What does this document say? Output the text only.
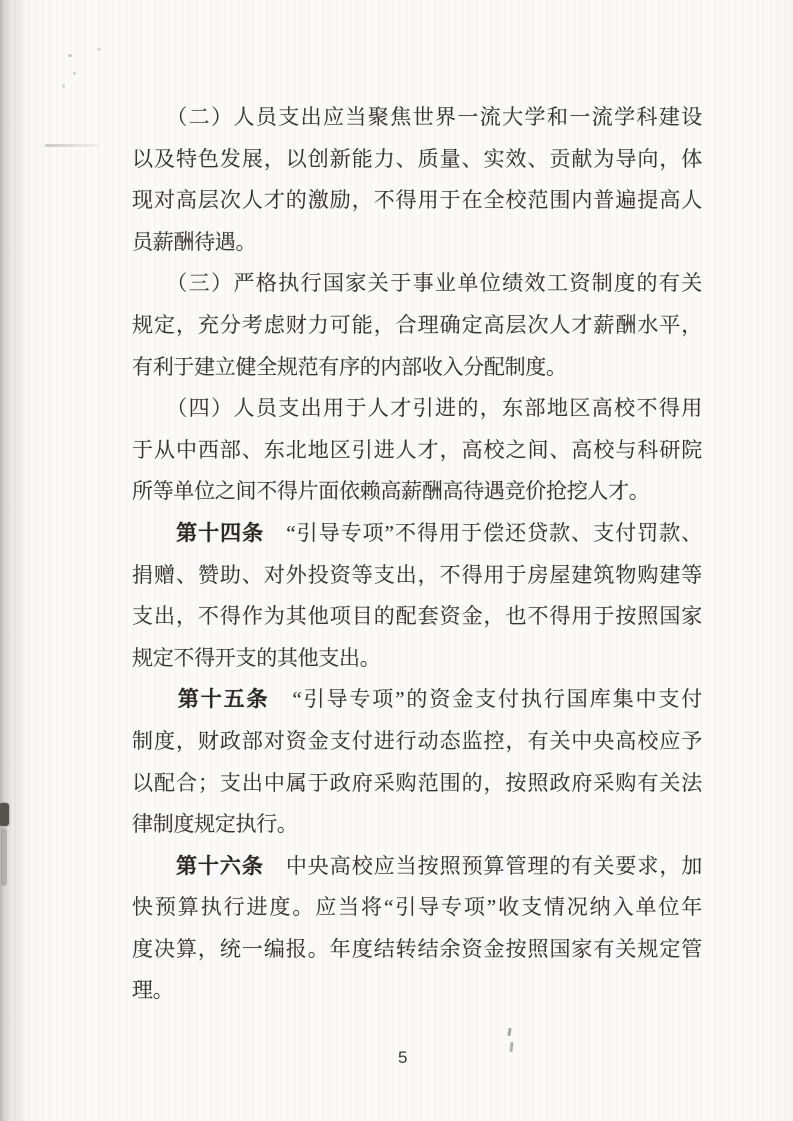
　　（二）人员支出应当聚焦世界一流大学和一流学科建设
以及特色发展，以创新能力、质量、实效、贡献为导向，体
现对高层次人才的激励，不得用于在全校范围内普遍提高人
员薪酬待遇。
　　（三）严格执行国家关于事业单位绩效工资制度的有关
规定，充分考虑财力可能，合理确定高层次人才薪酬水平，
有利于建立健全规范有序的内部收入分配制度。
　　（四）人员支出用于人才引进的，东部地区高校不得用
于从中西部、东北地区引进人才，高校之间、高校与科研院
所等单位之间不得片面依赖高薪酬高待遇竞价抢挖人才。
　　第十四条　“引导专项”不得用于偿还贷款、支付罚款、
捐赠、赞助、对外投资等支出，不得用于房屋建筑物购建等
支出，不得作为其他项目的配套资金，也不得用于按照国家
规定不得开支的其他支出。
　　第十五条　“引导专项”的资金支付执行国库集中支付
制度，财政部对资金支付进行动态监控，有关中央高校应予
以配合；支出中属于政府采购范围的，按照政府采购有关法
律制度规定执行。
　　第十六条　中央高校应当按照预算管理的有关要求，加
快预算执行进度。应当将“引导专项”收支情况纳入单位年
度决算，统一编报。年度结转结余资金按照国家有关规定管
理。
5
